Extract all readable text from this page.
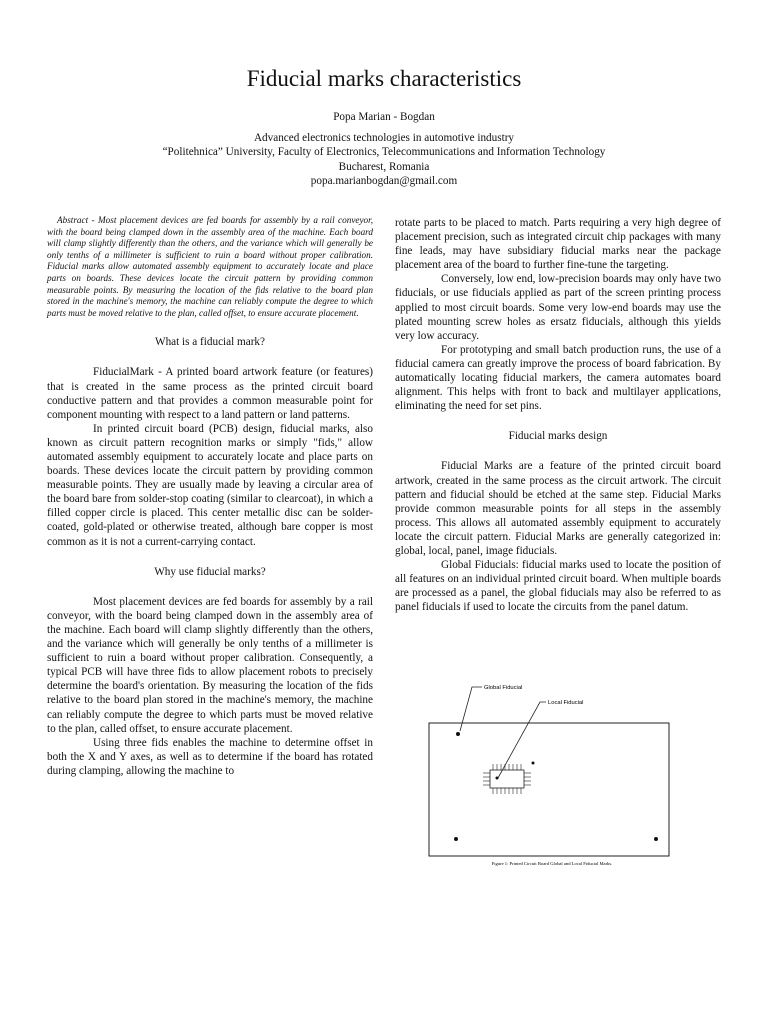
Fiducial marks characteristics
Popa Marian - Bogdan
Advanced electronics technologies in automotive industry
“Politehnica” University, Faculty of Electronics, Telecommunications and Information Technology
Bucharest, Romania
popa.marianbogdan@gmail.com

Abstract - Most placement devices are fed boards for assembly by a rail conveyor, with the board being clamped down in the assembly area of the machine. Each board will clamp slightly differently than the others, and the variance which will generally be only tenths of a millimeter is sufficient to ruin a board without proper calibration. Fiducial marks allow automated assembly equipment to accurately locate and place parts on boards. These devices locate the circuit pattern by providing common measurable points. By measuring the location of the fids relative to the board plan stored in the machine's memory, the machine can reliably compute the degree to which parts must be moved relative to the plan, called offset, to ensure accurate placement.

What is a fiducial mark?

FiducialMark - A printed board artwork feature (or features) that is created in the same process as the printed circuit board conductive pattern and that provides a common measurable point for component mounting with respect to a land pattern or land patterns.

In printed circuit board (PCB) design, fiducial marks, also known as circuit pattern recognition marks or simply "fids," allow automated assembly equipment to accurately locate and place parts on boards. These devices locate the circuit pattern by providing common measurable points. They are usually made by leaving a circular area of the board bare from solder-stop coating (similar to clearcoat), in which a filled copper circle is placed. This center metallic disc can be solder-coated, gold-plated or otherwise treated, although bare copper is most common as it is not a current-carrying contact.

Why use fiducial marks?

Most placement devices are fed boards for assembly by a rail conveyor, with the board being clamped down in the assembly area of the machine. Each board will clamp slightly differently than the others, and the variance which will generally be only tenths of a millimeter is sufficient to ruin a board without proper calibration. Consequently, a typical PCB will have three fids to allow placement robots to precisely determine the board's orientation. By measuring the location of the fids relative to the board plan stored in the machine's memory, the machine can reliably compute the degree to which parts must be moved relative to the plan, called offset, to ensure accurate placement.

Using three fids enables the machine to determine offset in both the X and Y axes, as well as to determine if the board has rotated during clamping, allowing the machine to

rotate parts to be placed to match. Parts requiring a very high degree of placement precision, such as integrated circuit chip packages with many fine leads, may have subsidiary fiducial marks near the package placement area of the board to further fine-tune the targeting.

Conversely, low end, low-precision boards may only have two fiducials, or use fiducials applied as part of the screen printing process applied to most circuit boards. Some very low-end boards may use the plated mounting screw holes as ersatz fiducials, although this yields very low accuracy.

For prototyping and small batch production runs, the use of a fiducial camera can greatly improve the process of board fabrication. By automatically locating fiducial markers, the camera automates board alignment. This helps with front to back and multilayer applications, eliminating the need for set pins.

Fiducial marks design

Fiducial Marks are a feature of the printed circuit board artwork, created in the same process as the circuit artwork. The circuit pattern and fiducial should be etched at the same step. Fiducial Marks provide common measurable points for all steps in the assembly process. This allows all automated assembly equipment to accurately locate the circuit pattern. Fiducial Marks are generally categorized in: global, local, panel, image fiducials.

Global Fiducials: fiducial marks used to locate the position of all features on an individual printed circuit board. When multiple boards are processed as a panel, the global fiducials may also be referred to as panel fiducials if used to locate the circuits from the panel datum.

Global Fiducial
Local Fiducial
Figure 1: Printed Circuit Board Global and Local Fiducial Marks.
